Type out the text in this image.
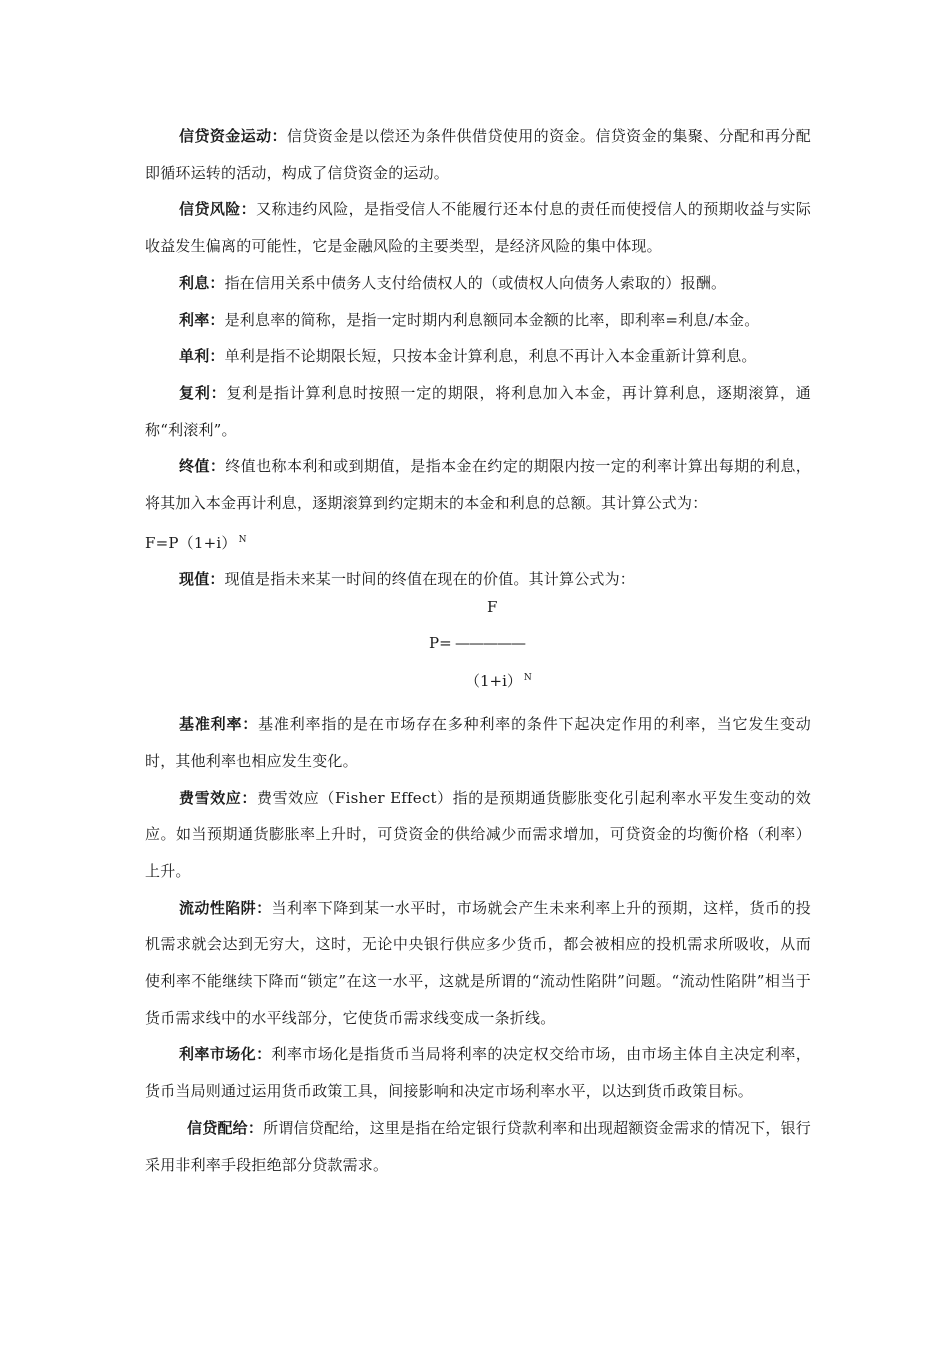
信贷资金运动：信贷资金是以偿还为条件供借贷使用的资金。信贷资金的集聚、分配和再分配即循环运转的活动，构成了信贷资金的运动。

信贷风险：又称违约风险，是指受信人不能履行还本付息的责任而使授信人的预期收益与实际收益发生偏离的可能性，它是金融风险的主要类型，是经济风险的集中体现。

利息：指在信用关系中债务人支付给债权人的（或债权人向债务人索取的）报酬。

利率：是利息率的简称，是指一定时期内利息额同本金额的比率，即利率=利息/本金。

单利：单利是指不论期限长短，只按本金计算利息，利息不再计入本金重新计算利息。

复利：复利是指计算利息时按照一定的期限，将利息加入本金，再计算利息，逐期滚算，通称“利滚利”。

终值：终值也称本利和或到期值，是指本金在约定的期限内按一定的利率计算出每期的利息，将其加入本金再计利息，逐期滚算到约定期末的本金和利息的总额。其计算公式为：

F=P（1+i） $^N$

现值：现值是指未来某一时间的终值在现在的价值。其计算公式为：

F
P= —————
（1+i） $^N$

基准利率：基准利率指的是在市场存在多种利率的条件下起决定作用的利率，当它发生变动时，其他利率也相应发生变化。

费雪效应：费雪效应（Fisher Effect）指的是预期通货膨胀变化引起利率水平发生变动的效应。如当预期通货膨胀率上升时，可贷资金的供给减少而需求增加，可贷资金的均衡价格（利率）上升。

流动性陷阱：当利率下降到某一水平时，市场就会产生未来利率上升的预期，这样，货币的投机需求就会达到无穷大，这时，无论中央银行供应多少货币，都会被相应的投机需求所吸收，从而使利率不能继续下降而“锁定”在这一水平，这就是所谓的“流动性陷阱”问题。“流动性陷阱”相当于货币需求线中的水平线部分，它使货币需求线变成一条折线。

利率市场化：利率市场化是指货币当局将利率的决定权交给市场，由市场主体自主决定利率，货币当局则通过运用货币政策工具，间接影响和决定市场利率水平，以达到货币政策目标。

信贷配给：所谓信贷配给，这里是指在给定银行贷款利率和出现超额资金需求的情况下，银行采用非利率手段拒绝部分贷款需求。
